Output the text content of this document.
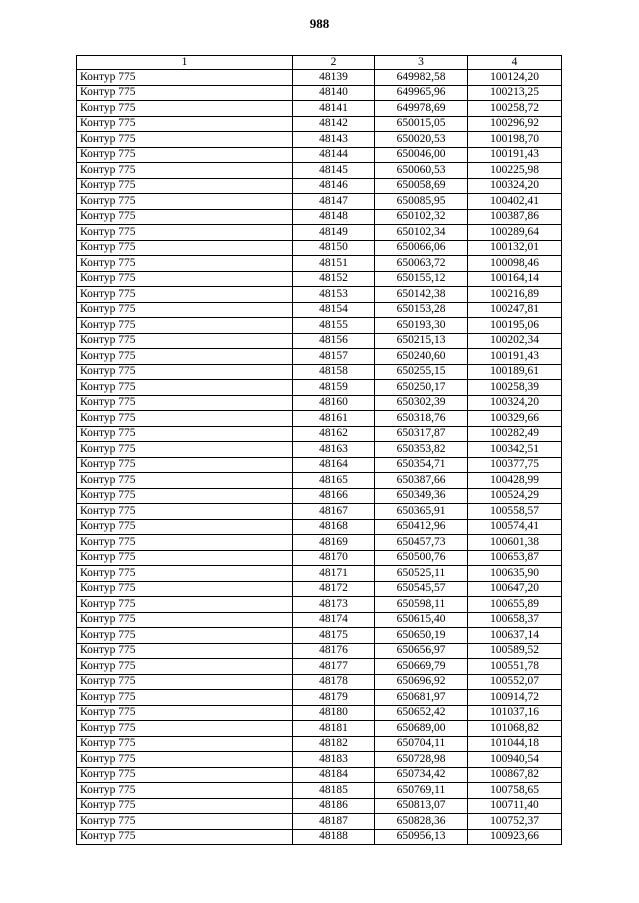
988
1	2	3	4
Контур 775	48139	649982,58	100124,20
Контур 775	48140	649965,96	100213,25
Контур 775	48141	649978,69	100258,72
Контур 775	48142	650015,05	100296,92
Контур 775	48143	650020,53	100198,70
Контур 775	48144	650046,00	100191,43
Контур 775	48145	650060,53	100225,98
Контур 775	48146	650058,69	100324,20
Контур 775	48147	650085,95	100402,41
Контур 775	48148	650102,32	100387,86
Контур 775	48149	650102,34	100289,64
Контур 775	48150	650066,06	100132,01
Контур 775	48151	650063,72	100098,46
Контур 775	48152	650155,12	100164,14
Контур 775	48153	650142,38	100216,89
Контур 775	48154	650153,28	100247,81
Контур 775	48155	650193,30	100195,06
Контур 775	48156	650215,13	100202,34
Контур 775	48157	650240,60	100191,43
Контур 775	48158	650255,15	100189,61
Контур 775	48159	650250,17	100258,39
Контур 775	48160	650302,39	100324,20
Контур 775	48161	650318,76	100329,66
Контур 775	48162	650317,87	100282,49
Контур 775	48163	650353,82	100342,51
Контур 775	48164	650354,71	100377,75
Контур 775	48165	650387,66	100428,99
Контур 775	48166	650349,36	100524,29
Контур 775	48167	650365,91	100558,57
Контур 775	48168	650412,96	100574,41
Контур 775	48169	650457,73	100601,38
Контур 775	48170	650500,76	100653,87
Контур 775	48171	650525,11	100635,90
Контур 775	48172	650545,57	100647,20
Контур 775	48173	650598,11	100655,89
Контур 775	48174	650615,40	100658,37
Контур 775	48175	650650,19	100637,14
Контур 775	48176	650656,97	100589,52
Контур 775	48177	650669,79	100551,78
Контур 775	48178	650696,92	100552,07
Контур 775	48179	650681,97	100914,72
Контур 775	48180	650652,42	101037,16
Контур 775	48181	650689,00	101068,82
Контур 775	48182	650704,11	101044,18
Контур 775	48183	650728,98	100940,54
Контур 775	48184	650734,42	100867,82
Контур 775	48185	650769,11	100758,65
Контур 775	48186	650813,07	100711,40
Контур 775	48187	650828,36	100752,37
Контур 775	48188	650956,13	100923,66
